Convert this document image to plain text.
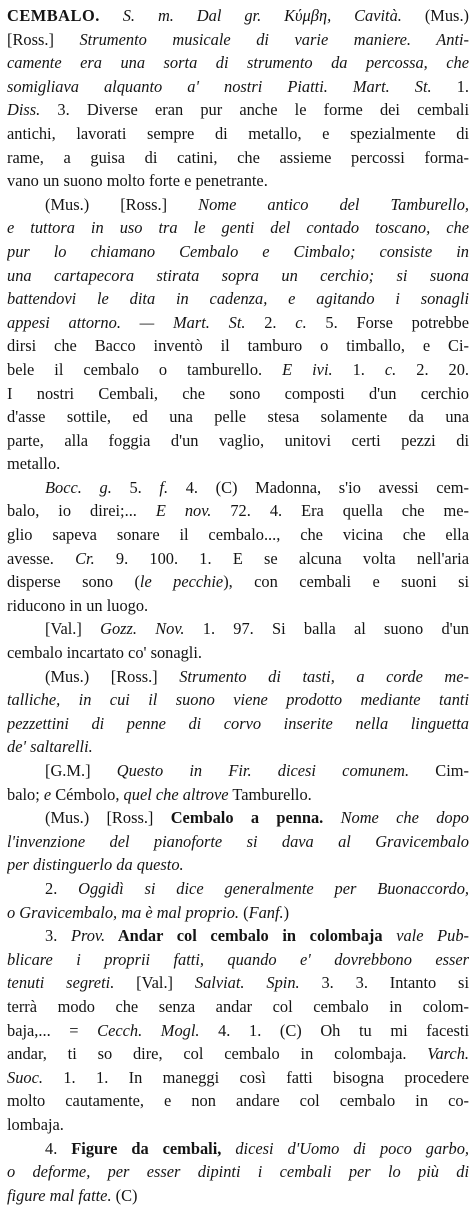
CEMBALO. S. m. Dal gr. Κύμβη, Cavità. (Mus.)
[Ross.] Strumento musicale di varie maniere. Anti-
camente era una sorta di strumento da percossa, che
somigliava alquanto a' nostri Piatti. Mart. St. 1.
Diss. 3. Diverse eran pur anche le forme dei cembali
antichi, lavorati sempre di metallo, e spezialmente di
rame, a guisa di catini, che assieme percossi forma-
vano un suono molto forte e penetrante.
(Mus.) [Ross.] Nome antico del Tamburello,
e tuttora in uso tra le genti del contado toscano, che
pur lo chiamano Cembalo e Cimbalo; consiste in
una cartapecora stirata sopra un cerchio; si suona
battendovi le dita in cadenza, e agitando i sonagli
appesi attorno. — Mart. St. 2. c. 5. Forse potrebbe
dirsi che Bacco inventò il tamburo o timballo, e Ci-
bele il cembalo o tamburello. E ivi. 1. c. 2. 20.
I nostri Cembali, che sono composti d'un cerchio
d'asse sottile, ed una pelle stesa solamente da una
parte, alla foggia d'un vaglio, unitovi certi pezzi di
metallo.
Bocc. g. 5. f. 4. (C) Madonna, s'io avessi cem-
balo, io direi;... E nov. 72. 4. Era quella che me-
glio sapeva sonare il cembalo..., che vicina che ella
avesse. Cr. 9. 100. 1. E se alcuna volta nell'aria
disperse sono (le pecchie), con cembali e suoni si
riducono in un luogo.
[Val.] Gozz. Nov. 1. 97. Si balla al suono d'un
cembalo incartato co' sonagli.
(Mus.) [Ross.] Strumento di tasti, a corde me-
talliche, in cui il suono viene prodotto mediante tanti
pezzettini di penne di corvo inserite nella linguetta
de' saltarelli.
[G.M.] Questo in Fir. dicesi comunem. Cim-
balo; e Cémbolo, quel che altrove Tamburello.
(Mus.) [Ross.] Cembalo a penna. Nome che dopo
l'invenzione del pianoforte si dava al Gravicembalo
per distinguerlo da questo.
2. Oggidì si dice generalmente per Buonaccordo,
o Gravicembalo, ma è mal proprio. (Fanf.)
3. Prov. Andar col cembalo in colombaja vale Pub-
blicare i proprii fatti, quando e' dovrebbono esser
tenuti segreti. [Val.] Salviat. Spin. 3. 3. Intanto si
terrà modo che senza andar col cembalo in colom-
baja,... = Cecch. Mogl. 4. 1. (C) Oh tu mi facesti
andar, ti so dire, col cembalo in colombaja. Varch.
Suoc. 1. 1. In maneggi così fatti bisogna procedere
molto cautamente, e non andare col cembalo in co-
lombaja.
4. Figure da cembali, dicesi d'Uomo di poco garbo,
o deforme, per esser dipinti i cembali per lo più di
figure mal fatte. (C)
